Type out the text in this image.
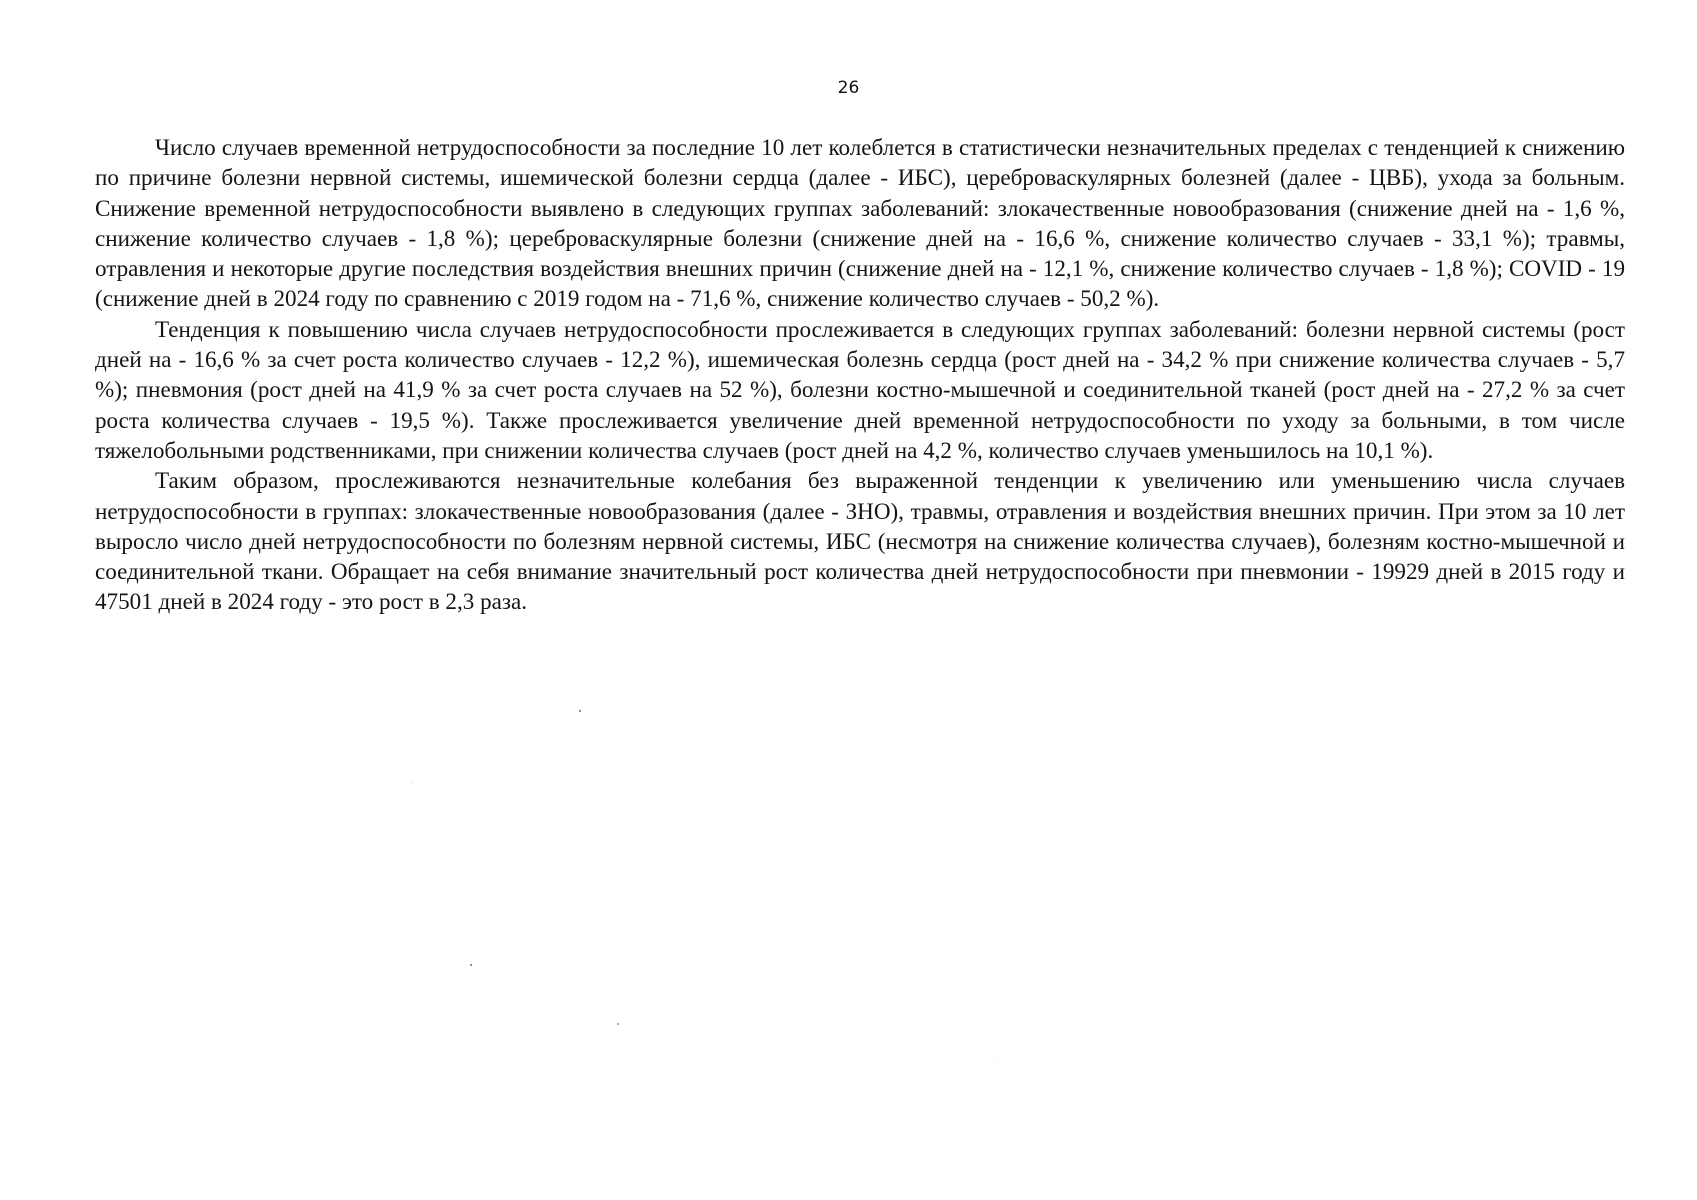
26

Число случаев временной нетрудоспособности за последние 10 лет колеблется в статистически незначительных пределах с тенденцией к снижению по причине болезни нервной системы, ишемической болезни сердца (далее - ИБС), цереброваскулярных болезней (далее - ЦВБ), ухода за больным. Снижение временной нетрудоспособности выявлено в следующих группах заболеваний: злокачественные новообразования (снижение дней на - 1,6 %, снижение количество случаев - 1,8 %); цереброваскулярные болезни (снижение дней на - 16,6 %, снижение количество случаев - 33,1 %); травмы, отравления и некоторые другие последствия воздействия внешних причин (снижение дней на - 12,1 %, снижение количество случаев - 1,8 %); COVID - 19 (снижение дней в 2024 году по сравнению с 2019 годом на - 71,6 %, снижение количество случаев - 50,2 %).

Тенденция к повышению числа случаев нетрудоспособности прослеживается в следующих группах заболеваний: болезни нервной системы (рост дней на - 16,6 % за счет роста количество случаев - 12,2 %), ишемическая болезнь сердца (рост дней на - 34,2 % при снижение количества случаев - 5,7 %); пневмония (рост дней на 41,9 % за счет роста случаев на 52 %), болезни костно-мышечной и соединительной тканей (рост дней на - 27,2 % за счет роста количества случаев - 19,5 %). Также прослеживается увеличение дней временной нетрудоспособности по уходу за больными, в том числе тяжелобольными родственниками, при снижении количества случаев (рост дней на 4,2 %, количество случаев уменьшилось на 10,1 %).

Таким образом, прослеживаются незначительные колебания без выраженной тенденции к увеличению или уменьшению числа случаев нетрудоспособности в группах: злокачественные новообразования (далее - ЗНО), травмы, отравления и воздействия внешних причин. При этом за 10 лет выросло число дней нетрудоспособности по болезням нервной системы, ИБС (несмотря на снижение количества случаев), болезням костно-мышечной и соединительной ткани. Обращает на себя внимание значительный рост количества дней нетрудоспособности при пневмонии - 19929 дней в 2015 году и 47501 дней в 2024 году - это рост в 2,3 раза.
